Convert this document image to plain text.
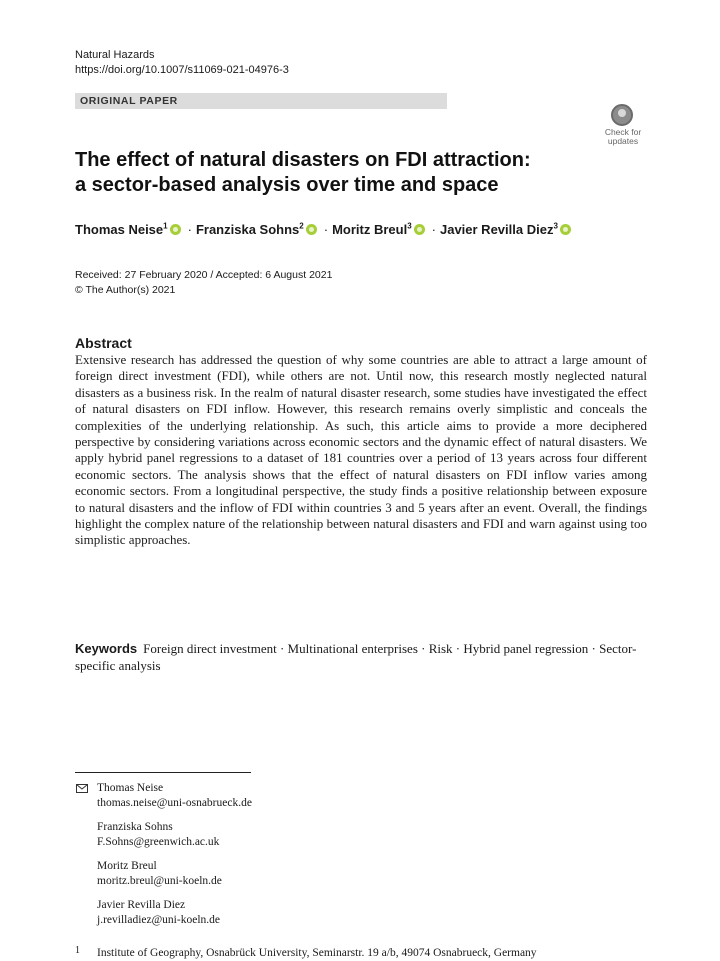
Natural Hazards
https://doi.org/10.1007/s11069-021-04976-3
ORIGINAL PAPER
Check for
updates
The effect of natural disasters on FDI attraction:
a sector-based analysis over time and space
Thomas Neise$^1$ · Franziska Sohns$^2$ · Moritz Breul$^3$ · Javier Revilla Diez$^3$
Received: 27 February 2020 / Accepted: 6 August 2021
© The Author(s) 2021
Abstract
Extensive research has addressed the question of why some countries are able to attract a large amount of foreign direct investment (FDI), while others are not. Until now, this research mostly neglected natural disasters as a business risk. In the realm of natural disaster research, some studies have investigated the effect of natural disasters on FDI inflow. However, this research remains overly simplistic and conceals the complexities of the underlying relationship. As such, this article aims to provide a more deciphered perspective by considering variations across economic sectors and the dynamic effect of natural disasters. We apply hybrid panel regressions to a dataset of 181 countries over a period of 13 years across four different economic sectors. The analysis shows that the effect of natural disasters on FDI inflow varies among economic sectors. From a longitudinal perspective, the study finds a positive relationship between exposure to natural disasters and the inflow of FDI within countries 3 and 5 years after an event. Overall, the findings highlight the complex nature of the relationship between natural disasters and FDI and warn against using too simplistic approaches.
Keywords Foreign direct investment · Multinational enterprises · Risk · Hybrid panel regression · Sector-specific analysis
Thomas Neise
thomas.neise@uni-osnabrueck.de
Franziska Sohns
F.Sohns@greenwich.ac.uk
Moritz Breul
moritz.breul@uni-koeln.de
Javier Revilla Diez
j.revilladiez@uni-koeln.de
1 Institute of Geography, Osnabrück University, Seminarstr. 19 a/b, 49074 Osnabrueck, Germany
